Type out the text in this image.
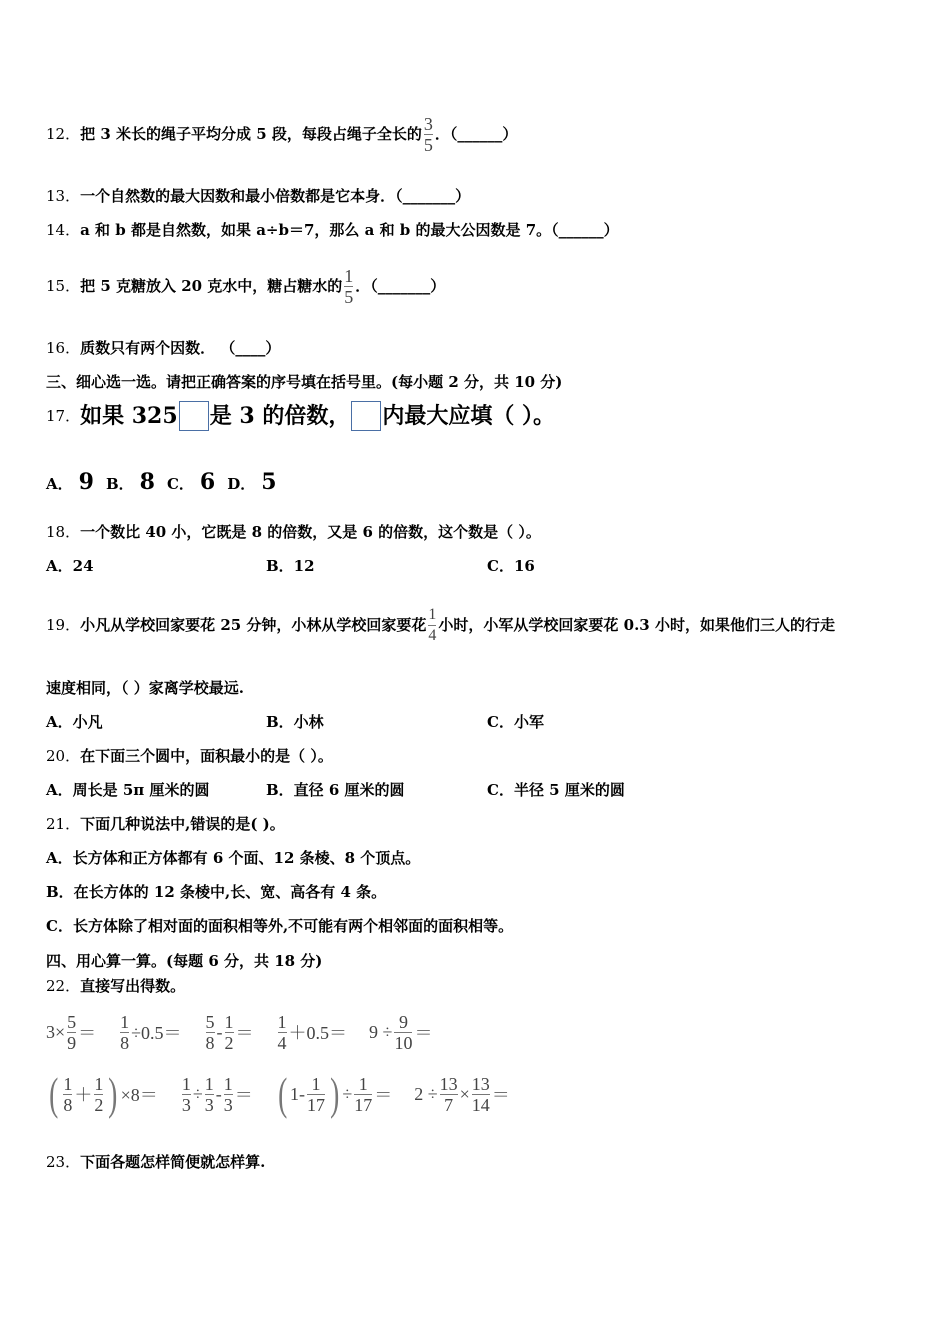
12． 把 3 米长的绳子平均分成 5 段，每段占绳子全长的 $\frac{3}{5}$ ．（______）
13．一个自然数的最大因数和最小倍数都是它本身．（_______）
14．a 和 b 都是自然数，如果 a÷b＝7，那么 a 和 b 的最大公因数是 7。（______）
15． 把 5 克糖放入 20 克水中，糖占糖水的 $\frac{1}{5}$ ．（_______）
16．质数只有两个因数． （____）
三、细心选一选。请把正确答案的序号填在括号里。(每小题 2 分，共 10 分)
17． 如果 325 是 3 的倍数， 内最大应填（ ）。
A． 9 B． 8 C． 6 D． 5
18．一个数比 40 小，它既是 8 的倍数，又是 6 的倍数，这个数是（ ）。
A．24	B．12	C．16
19． 小凡从学校回家要花 25 分钟，小林从学校回家要花 $\frac{1}{4}$ 小时，小军从学校回家要花 0.3 小时，如果他们三人的行走
速度相同，（ ）家离学校最远.
A．小凡	B．小林	C．小军
20．在下面三个圆中，面积最小的是（ ）。
A．周长是 5π 厘米的圆	B．直径 6 厘米的圆	C．半径 5 厘米的圆
21．下面几种说法中,错误的是( )。
A．长方体和正方体都有 6 个面、12 条棱、8 个顶点。
B．在长方体的 12 条棱中,长、宽、高各有 4 条。
C．长方体除了相对面的面积相等外,不可能有两个相邻面的面积相等。
四、用心算一算。(每题 6 分，共 18 分)
22．直接写出得数。
$3 \times \frac{5}{9} = \frac{1}{8} \div 0.5= \frac{5}{8} - \frac{1}{2} = \frac{1}{4} +0.5= 9 \div \frac{9}{10}$ ＝
( $\frac{1}{8} + \frac{1}{2}$ ) $\times 8= \frac{1}{3} \div \frac{1}{3} - \frac{1}{3}$ ＝ ( $1- \frac{1}{17}$ ) ÷ $\frac{1}{17} = 2 \div \frac{13}{7} \times \frac{13}{14}$ ＝
23．下面各题怎样简便就怎样算.
